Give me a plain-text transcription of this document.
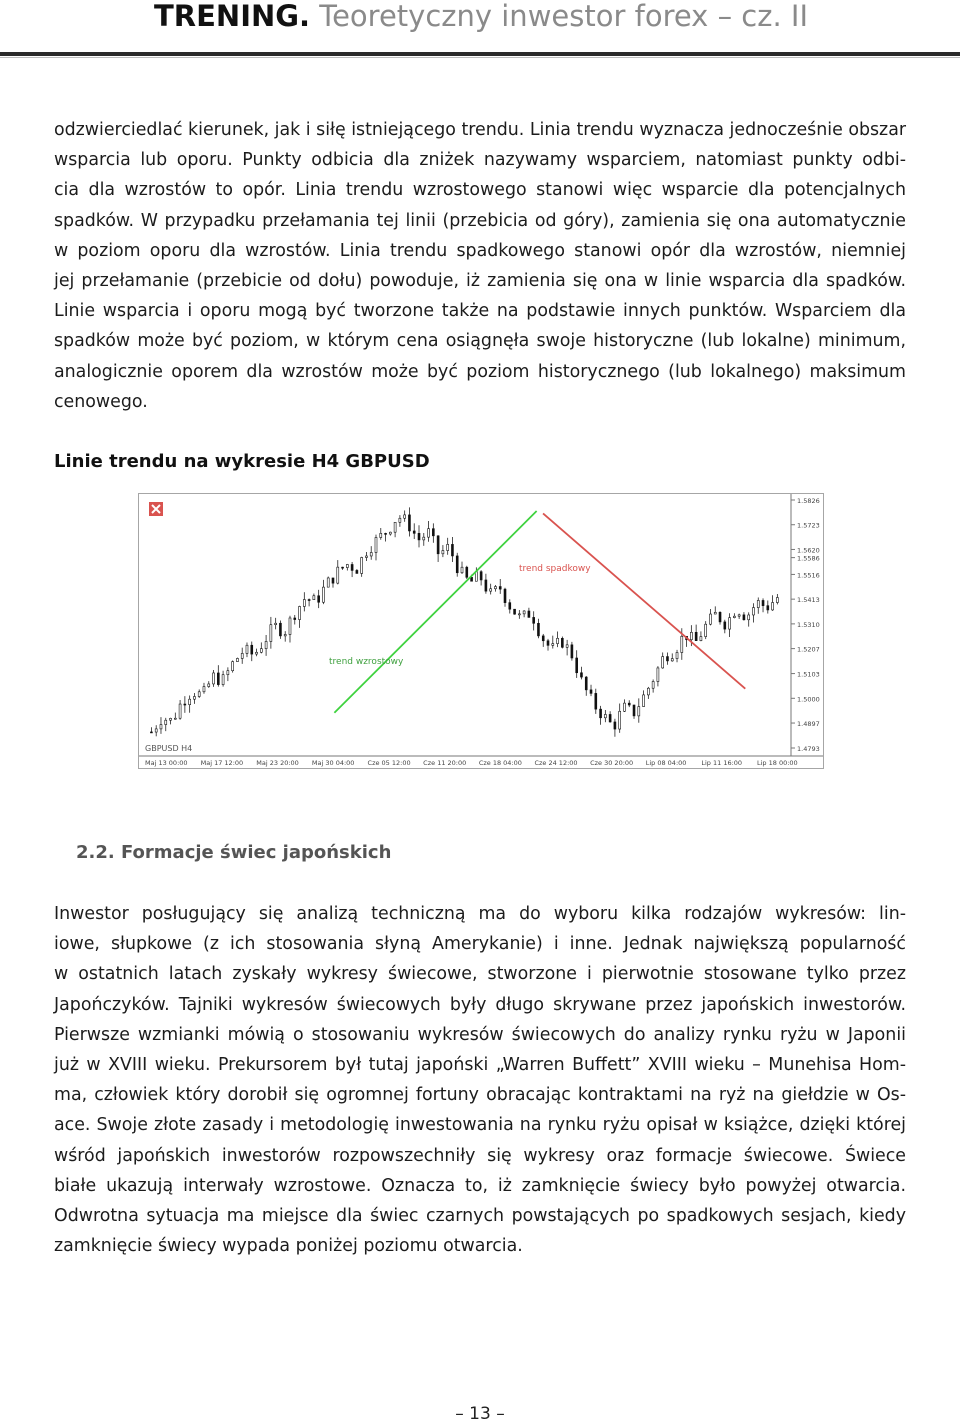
TRENING. Teoretyczny inwestor forex – cz. II
odzwierciedlać kierunek, jak i siłę istniejącego trendu. Linia trendu wyznacza jednocześnie obszar
wsparcia lub oporu. Punkty odbicia dla zniżek nazywamy wsparciem, natomiast punkty odbi-
cia dla wzrostów to opór. Linia trendu wzrostowego stanowi więc wsparcie dla potencjalnych
spadków. W przypadku przełamania tej linii (przebicia od góry), zamienia się ona automatycznie
w poziom oporu dla wzrostów. Linia trendu spadkowego stanowi opór dla wzrostów, niemniej
jej przełamanie (przebicie od dołu) powoduje, iż zamienia się ona w linie wsparcia dla spadków.
Linie wsparcia i oporu mogą być tworzone także na podstawie innych punktów. Wsparciem dla
spadków może być poziom, w którym cena osiągnęła swoje historyczne (lub lokalne) minimum,
analogicznie oporem dla wzrostów może być poziom historycznego (lub lokalnego) maksimum
cenowego.
Linie trendu na wykresie H4 GBPUSD
1.5826
1.5723
1.5620
1.5586
1.5516
1.5413
1.5310
1.5207
1.5103
1.5000
1.4897
1.4793
Maj 13 00:00 Maj 17 12:00 Maj 23 20:00 Maj 30 04:00 Cze 05 12:00 Cze 11 20:00 Cze 18 04:00 Cze 24 12:00 Cze 30 20:00 Lip 08 04:00 Lip 11 16:00 Lip 18 00:00
trend spadkowy
trend wzrostowy
GBPUSD H4
2.2. Formacje świec japońskich
Inwestor posługujący się analizą techniczną ma do wyboru kilka rodzajów wykresów: lin-
iowe, słupkowe (z ich stosowania słyną Amerykanie) i inne. Jednak największą popularność
w ostatnich latach zyskały wykresy świecowe, stworzone i pierwotnie stosowane tylko przez
Japończyków. Tajniki wykresów świecowych były długo skrywane przez japońskich inwestorów.
Pierwsze wzmianki mówią o stosowaniu wykresów świecowych do analizy rynku ryżu w Japonii
już w XVIII wieku. Prekursorem był tutaj japoński „Warren Buffett” XVIII wieku – Munehisa Hom-
ma, człowiek który dorobił się ogromnej fortuny obracając kontraktami na ryż na giełdzie w Os-
ace. Swoje złote zasady i metodologię inwestowania na rynku ryżu opisał w książce, dzięki której
wśród japońskich inwestorów rozpowszechniły się wykresy oraz formacje świecowe. Świece
białe ukazują interwały wzrostowe. Oznacza to, iż zamknięcie świecy było powyżej otwarcia.
Odwrotna sytuacja ma miejsce dla świec czarnych powstających po spadkowych sesjach, kiedy
zamknięcie świecy wypada poniżej poziomu otwarcia.
– 13 –
